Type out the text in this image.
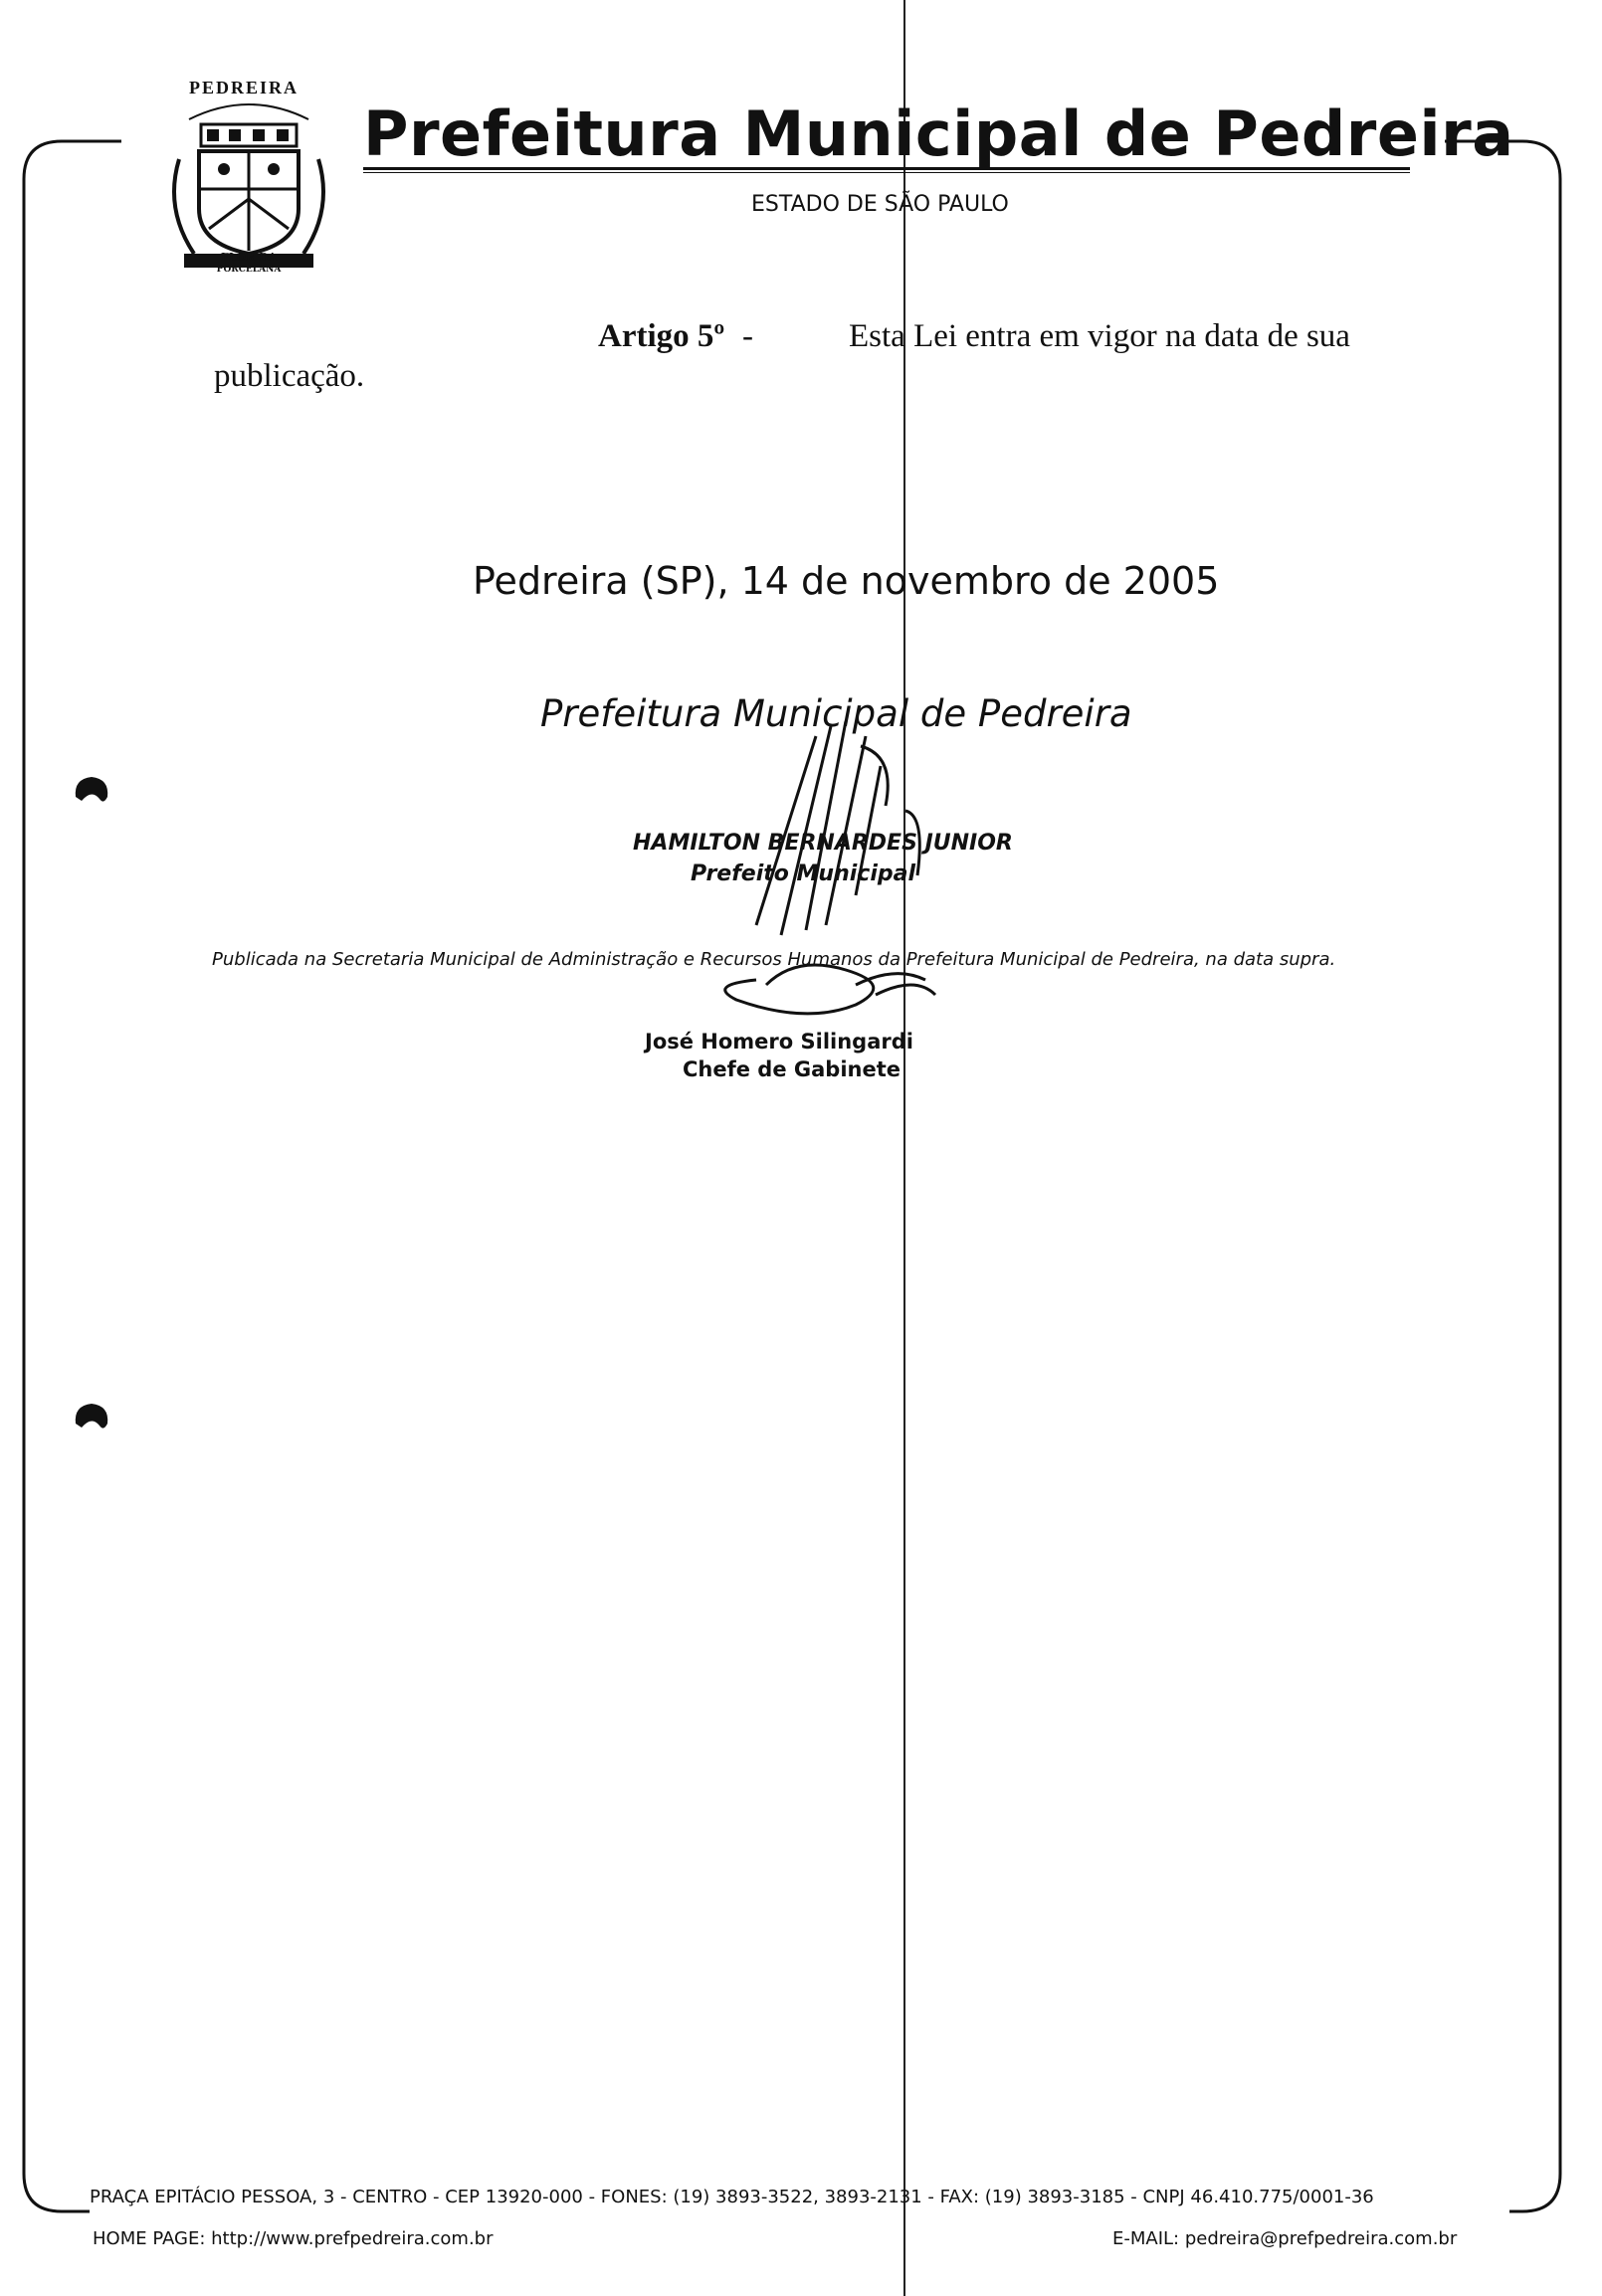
PEDREIRA
FLOR DA
PORCELANA
Prefeitura Municipal de Pedreira
ESTADO DE SÃO PAULO
Artigo 5º -	Esta Lei entra em vigor na data de sua
publicação.
Pedreira (SP), 14 de novembro de 2005
Prefeitura Municipal de Pedreira
HAMILTON BERNARDES JUNIOR
Prefeito Municipal
Publicada na Secretaria Municipal de Administração e Recursos Humanos da Prefeitura Municipal de Pedreira, na data supra.
José Homero Silingardi
Chefe de Gabinete
PRAÇA EPITÁCIO PESSOA, 3 - CENTRO - CEP 13920-000 - FONES: (19) 3893-3522, 3893-2131 - FAX: (19) 3893-3185 - CNPJ 46.410.775/0001-36
HOME PAGE: http://www.prefpedreira.com.br	E-MAIL: pedreira@prefpedreira.com.br
